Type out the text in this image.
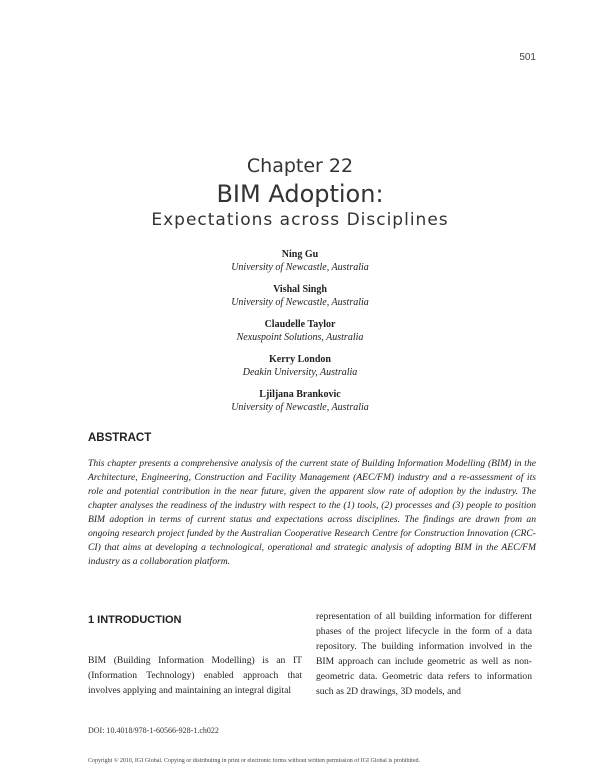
501
Chapter 22
BIM Adoption:
Expectations across Disciplines
Ning Gu
University of Newcastle, Australia
Vishal Singh
University of Newcastle, Australia
Claudelle Taylor
Nexuspoint Solutions, Australia
Kerry London
Deakin University, Australia
Ljiljana Brankovic
University of Newcastle, Australia
ABSTRACT

This chapter presents a comprehensive analysis of the current state of Building Information Modelling (BIM) in the Architecture, Engineering, Construction and Facility Management (AEC/FM) industry and a re-assessment of its role and potential contribution in the near future, given the apparent slow rate of adoption by the industry. The chapter analyses the readiness of the industry with respect to the (1) tools, (2) processes and (3) people to position BIM adoption in terms of current status and expectations across disciplines. The findings are drawn from an ongoing research project funded by the Australian Cooperative Research Centre for Construction Innovation (CRC-CI) that aims at developing a technological, operational and strategic analysis of adopting BIM in the AEC/FM industry as a collaboration platform.

1 INTRODUCTION

BIM (Building Information Modelling) is an IT (Information Technology) enabled approach that involves applying and maintaining an integral digital

representation of all building information for different phases of the project lifecycle in the form of a data repository. The building information involved in the BIM approach can include geometric as well as non-geometric data. Geometric data refers to information such as 2D drawings, 3D models, and

DOI: 10.4018/978-1-60566-928-1.ch022
Copyright © 2010, IGI Global. Copying or distributing in print or electronic forms without written permission of IGI Global is prohibited.
